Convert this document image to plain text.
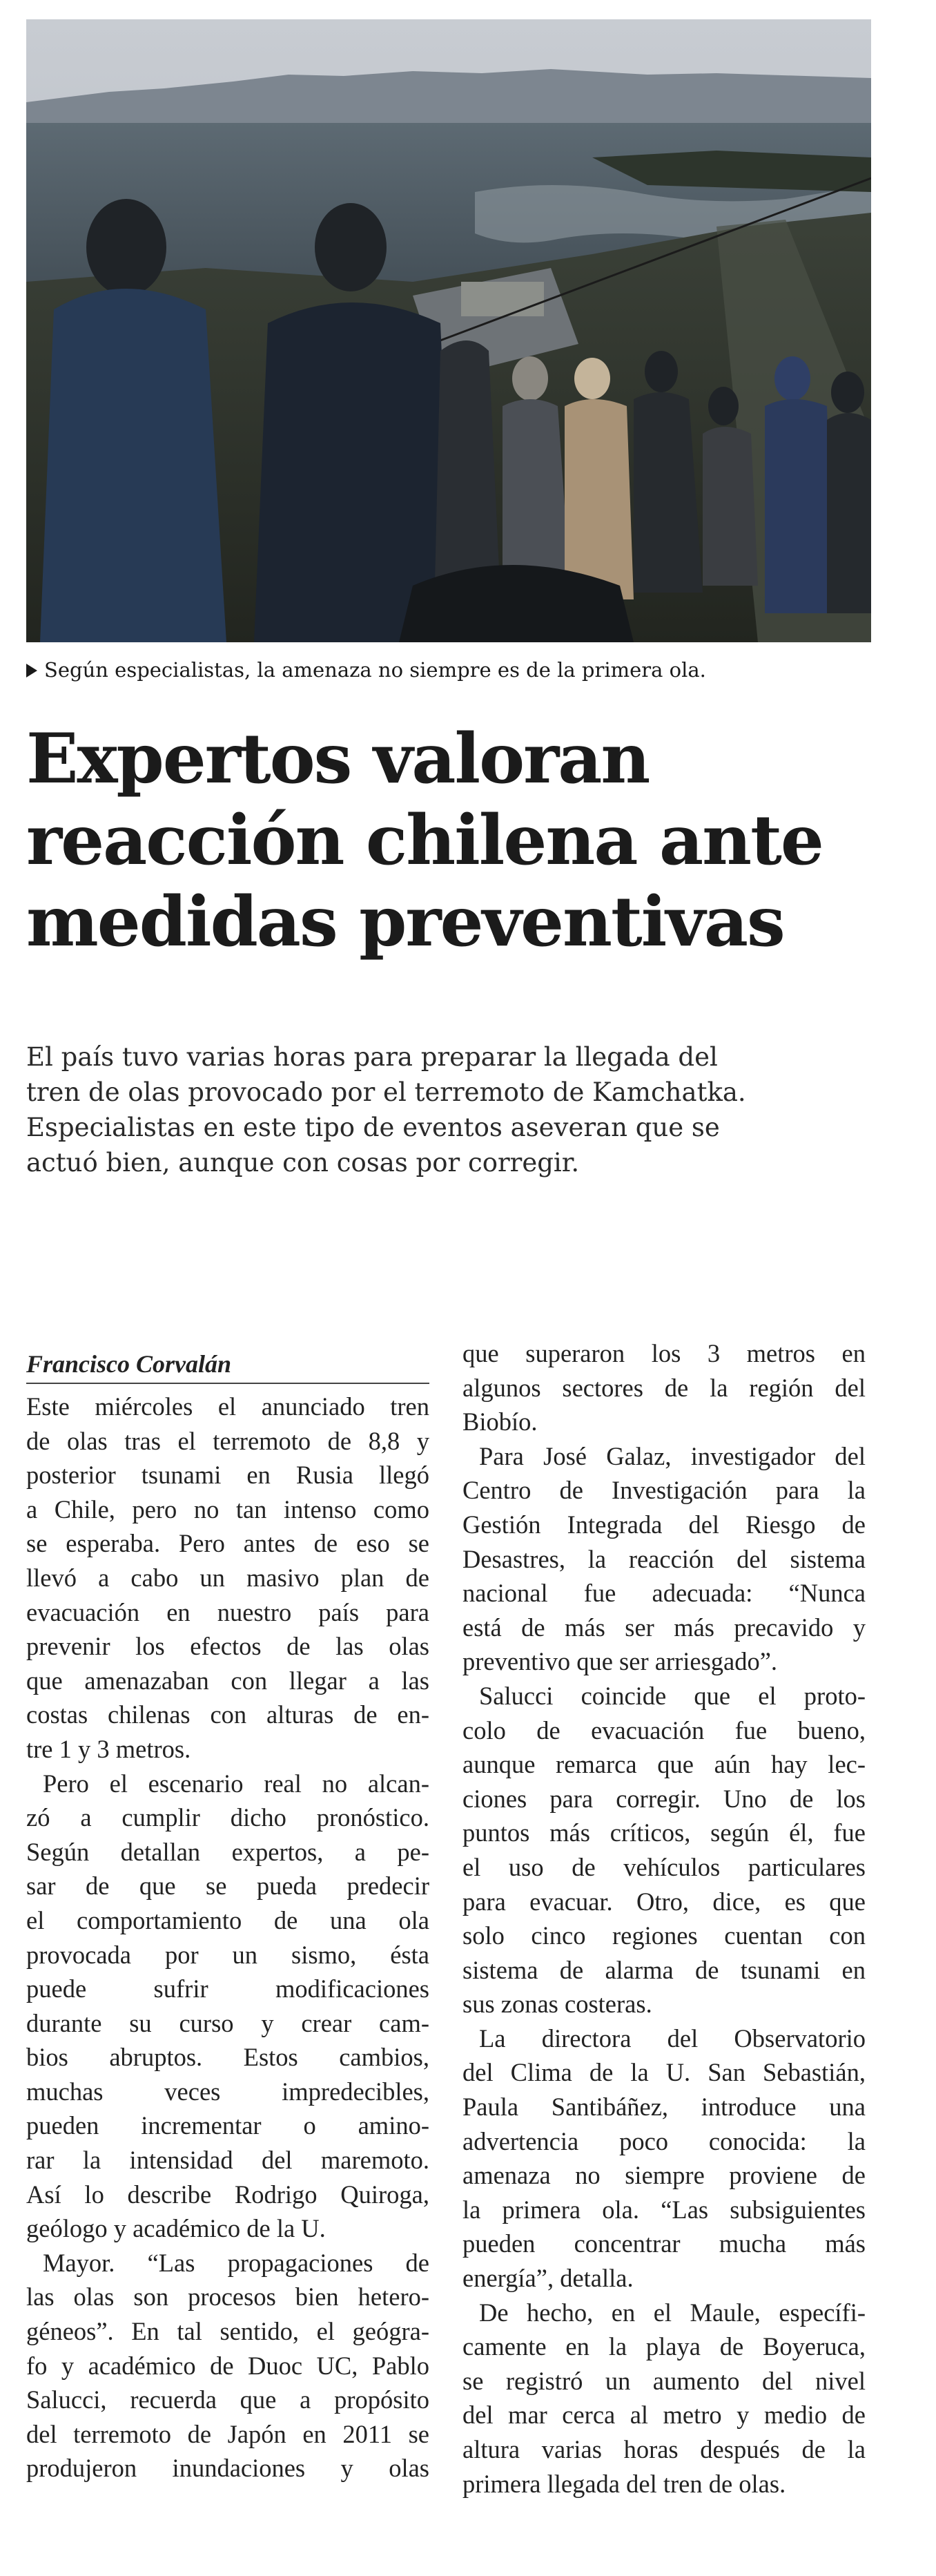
Según especialistas, la amenaza no siempre es de la primera ola.
Expertos valoran
reacción chilena ante
medidas preventivas
El país tuvo varias horas para preparar la llegada del
tren de olas provocado por el terremoto de Kamchatka.
Especialistas en este tipo de eventos aseveran que se
actuó bien, aunque con cosas por corregir.
Francisco Corvalán
Este miércoles el anunciado tren
de olas tras el terremoto de 8,8 y
posterior tsunami en Rusia llegó
a Chile, pero no tan intenso como
se esperaba. Pero antes de eso se
llevó a cabo un masivo plan de
evacuación en nuestro país para
prevenir los efectos de las olas
que amenazaban con llegar a las
costas chilenas con alturas de en-
tre 1 y 3 metros.
Pero el escenario real no alcan-
zó a cumplir dicho pronóstico.
Según detallan expertos, a pe-
sar de que se pueda predecir
el comportamiento de una ola
provocada por un sismo, ésta
puede sufrir modificaciones
durante su curso y crear cam-
bios abruptos. Estos cambios,
muchas veces impredecibles,
pueden incrementar o amino-
rar la intensidad del maremoto.
Así lo describe Rodrigo Quiroga,
geólogo y académico de la U.
Mayor. “Las propagaciones de
las olas son procesos bien hetero-
géneos”. En tal sentido, el geógra-
fo y académico de Duoc UC, Pablo
Salucci, recuerda que a propósito
del terremoto de Japón en 2011 se
produjeron inundaciones y olas
que superaron los 3 metros en
algunos sectores de la región del
Biobío.
Para José Galaz, investigador del
Centro de Investigación para la
Gestión Integrada del Riesgo de
Desastres, la reacción del sistema
nacional fue adecuada: “Nunca
está de más ser más precavido y
preventivo que ser arriesgado”.
Salucci coincide que el proto-
colo de evacuación fue bueno,
aunque remarca que aún hay lec-
ciones para corregir. Uno de los
puntos más críticos, según él, fue
el uso de vehículos particulares
para evacuar. Otro, dice, es que
solo cinco regiones cuentan con
sistema de alarma de tsunami en
sus zonas costeras.
La directora del Observatorio
del Clima de la U. San Sebastián,
Paula Santibáñez, introduce una
advertencia poco conocida: la
amenaza no siempre proviene de
la primera ola. “Las subsiguientes
pueden concentrar mucha más
energía”, detalla.
De hecho, en el Maule, específi-
camente en la playa de Boyeruca,
se registró un aumento del nivel
del mar cerca al metro y medio de
altura varias horas después de la
primera llegada del tren de olas.
